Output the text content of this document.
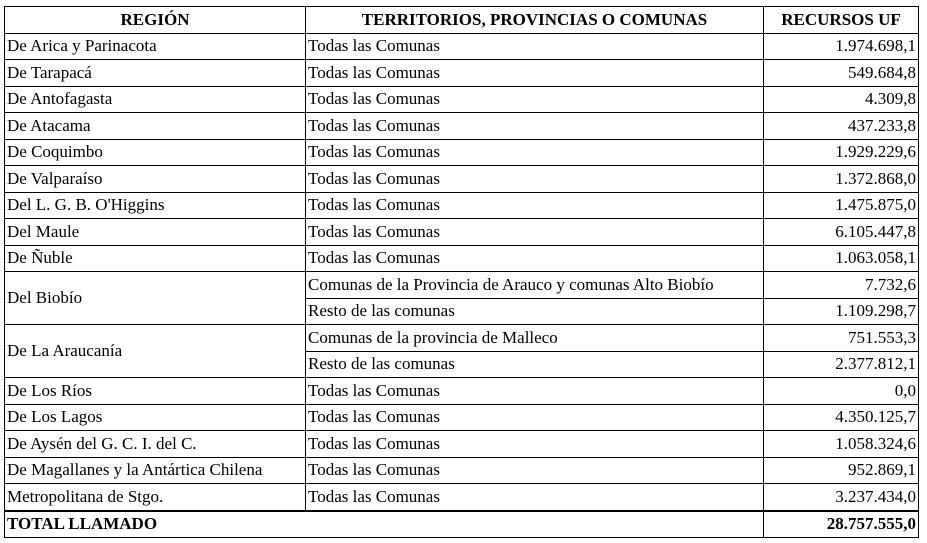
REGIÓN	TERRITORIOS, PROVINCIAS O COMUNAS	RECURSOS UF
De Arica y Parinacota	Todas las Comunas	1.974.698,1
De Tarapacá	Todas las Comunas	549.684,8
De Antofagasta	Todas las Comunas	4.309,8
De Atacama	Todas las Comunas	437.233,8
De Coquimbo	Todas las Comunas	1.929.229,6
De Valparaíso	Todas las Comunas	1.372.868,0
Del L. G. B. O'Higgins	Todas las Comunas	1.475.875,0
Del Maule	Todas las Comunas	6.105.447,8
De Ñuble	Todas las Comunas	1.063.058,1
Del Biobío	Comunas de la Provincia de Arauco y comunas Alto Biobío	7.732,6
	Resto de las comunas	1.109.298,7
De La Araucanía	Comunas de la provincia de Malleco	751.553,3
	Resto de las comunas	2.377.812,1
De Los Ríos	Todas las Comunas	0,0
De Los Lagos	Todas las Comunas	4.350.125,7
De Aysén del G. C. I. del C.	Todas las Comunas	1.058.324,6
De Magallanes y la Antártica Chilena	Todas las Comunas	952.869,1
Metropolitana de Stgo.	Todas las Comunas	3.237.434,0
TOTAL LLAMADO		28.757.555,0
